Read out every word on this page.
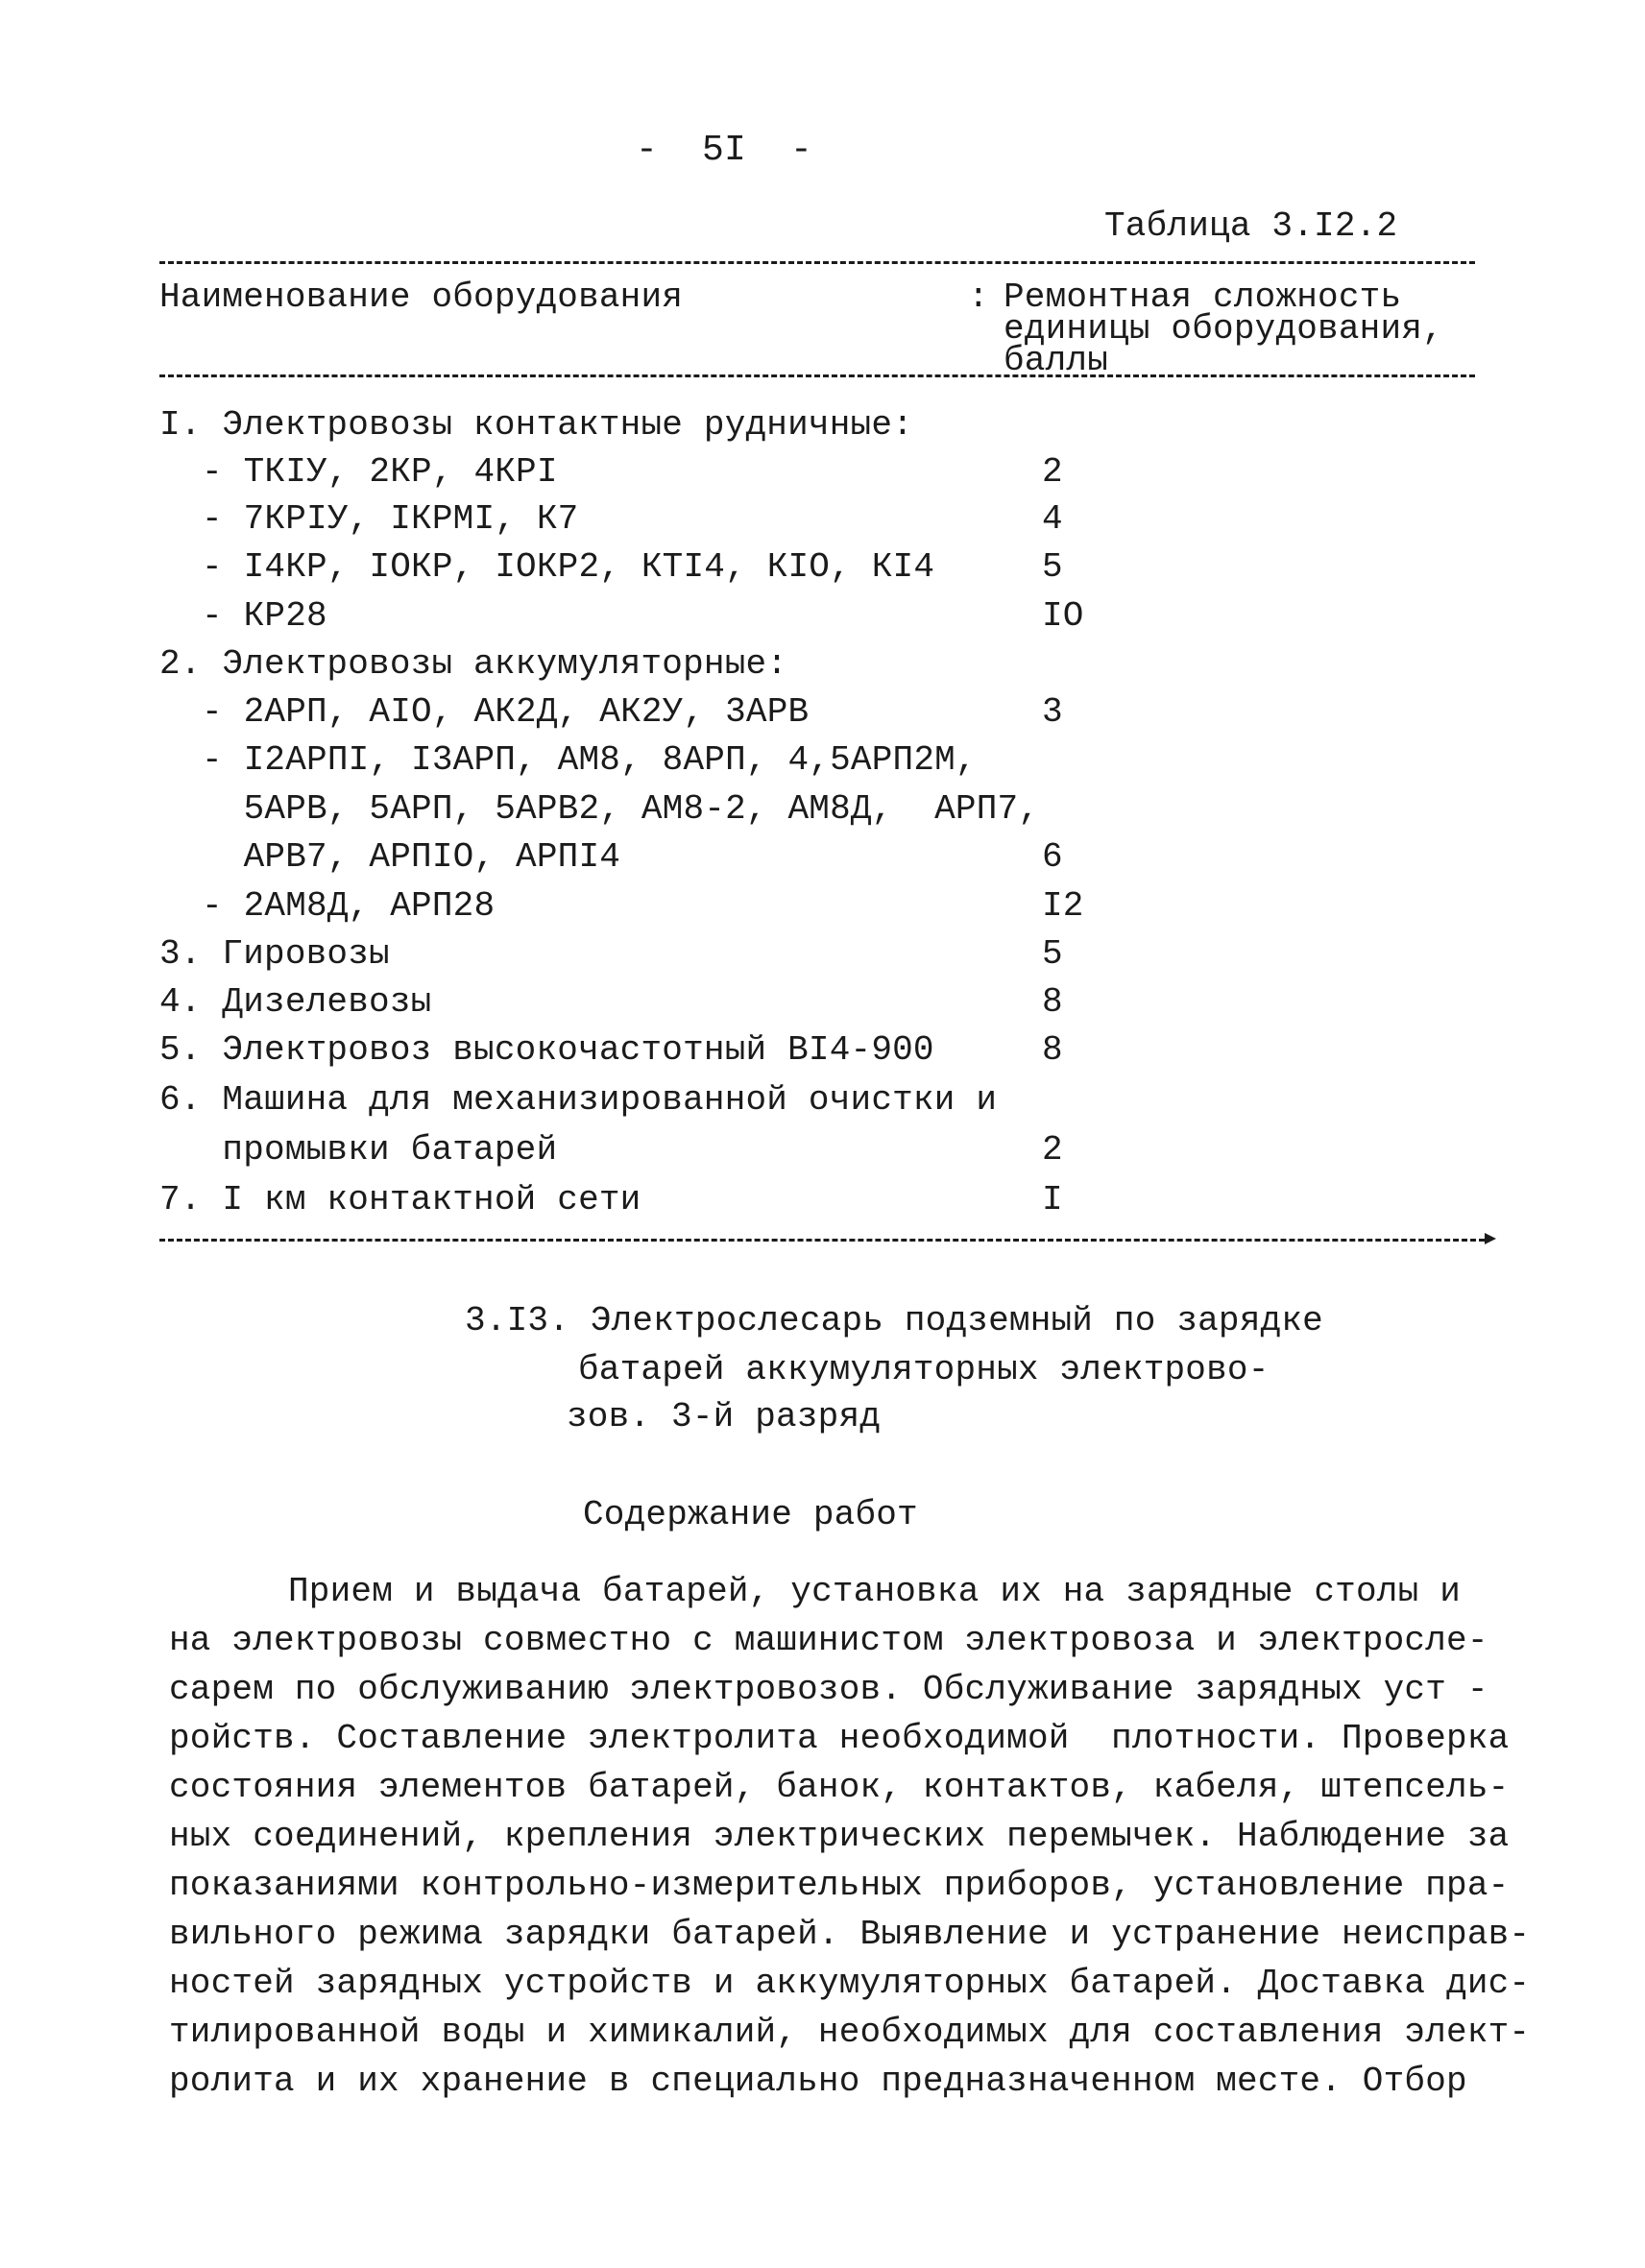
-  5I  -
Таблица 3.I2.2
Наименование оборудования	: Ремонтная сложность
единицы оборудования,
баллы
I. Электровозы контактные рудничные:
- ТКIУ, 2КР, 4КРI	2
- 7КРIУ, IКРМI, К7	4
- I4КР, IОКР, IОКР2, КТI4, КIО, КI4	5
- КР28	IО
2. Электровозы аккумуляторные:
- 2АРП, АIО, АК2Д, АК2У, 3АРВ	3
- I2АРПI, I3АРП, АМ8, 8АРП, 4,5АРП2М,
5АРВ, 5АРП, 5АРВ2, АМ8-2, АМ8Д,  АРП7,
АРВ7, АРПIО, АРПI4	6
- 2АМ8Д, АРП28	I2
3. Гировозы	5
4. Дизелевозы	8
5. Электровоз высокочастотный ВI4-900	8
6. Машина для механизированной очистки и
промывки батарей	2
7. I км контактной сети	I
3.I3. Электрослесарь подземный по зарядке
батарей аккумуляторных электрово-
зов. 3-й разряд
Содержание работ
Прием и выдача батарей, установка их на зарядные столы и
на электровозы совместно с машинистом электровоза и электросле-
сарем по обслуживанию электровозов. Обслуживание зарядных уст -
ройств. Составление электролита необходимой  плотности. Проверка
состояния элементов батарей, банок, контактов, кабеля, штепсель-
ных соединений, крепления электрических перемычек. Наблюдение за
показаниями контрольно-измерительных приборов, установление пра-
вильного режима зарядки батарей. Выявление и устранение неисправ-
ностей зарядных устройств и аккумуляторных батарей. Доставка дис-
тилированной воды и химикалий, необходимых для составления элект-
ролита и их хранение в специально предназначенном месте. Отбор
